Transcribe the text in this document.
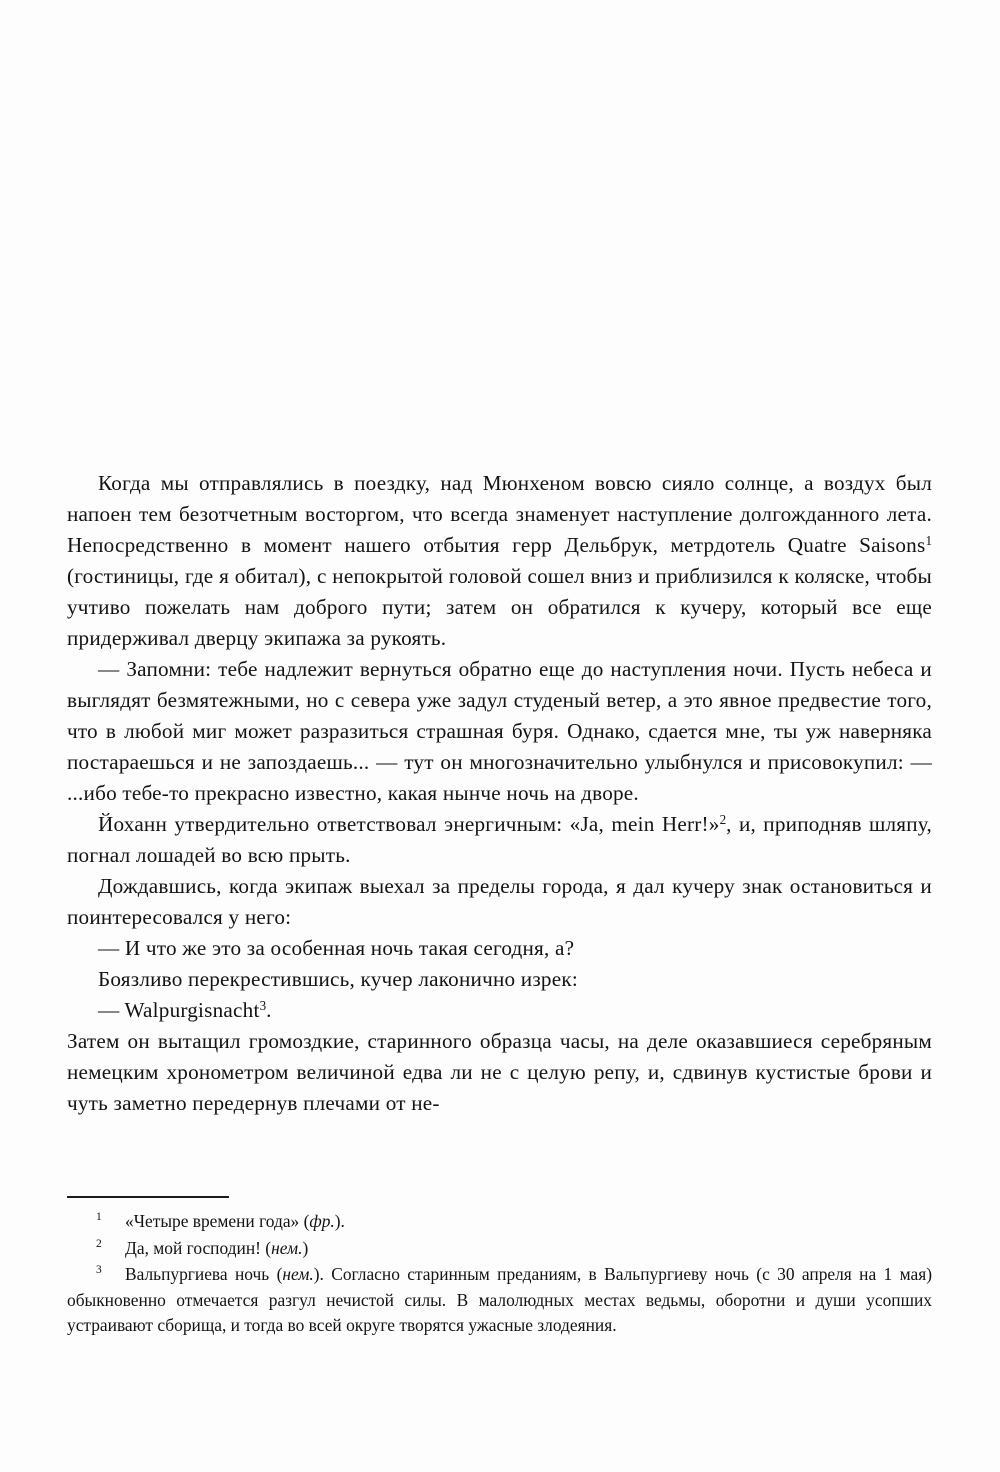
Когда мы отправлялись в поездку, над Мюнхеном вовсю сияло солнце, а воздух был напоен тем безотчетным восторгом, что всегда знаменует наступление долгожданного лета. Непосредственно в момент нашего отбытия герр Дельбрук, метрдотель Quatre Saisons$^1$ (гостиницы, где я обитал), с непокрытой головой сошел вниз и приблизился к коляске, чтобы учтиво пожелать нам доброго пути; затем он обратился к кучеру, который все еще придерживал дверцу экипажа за рукоять.

— Запомни: тебе надлежит вернуться обратно еще до наступления ночи. Пусть небеса и выглядят безмятежными, но с севера уже задул студеный ветер, а это явное предвестие того, что в любой миг может разразиться страшная буря. Однако, сдается мне, ты уж наверняка постараешься и не запоздаешь... — тут он многозначительно улыбнулся и присовокупил: — ...ибо тебе-то прекрасно известно, какая нынче ночь на дворе.

Йоханн утвердительно ответствовал энергичным: «Ja, mein Herr!»$^2$, и, приподняв шляпу, погнал лошадей во всю прыть.

Дождавшись, когда экипаж выехал за пределы города, я дал кучеру знак остановиться и поинтересовался у него:

— И что же это за особенная ночь такая сегодня, а?

Боязливо перекрестившись, кучер лаконично изрек:

— Walpurgisnacht$^3$.

Затем он вытащил громоздкие, старинного образца часы, на деле оказавшиеся серебряным немецким хронометром величиной едва ли не с целую репу, и, сдвинув кустистые брови и чуть заметно передернув плечами от не-

1 «Четыре времени года» (фр.).

2 Да, мой господин! (нем.)

3 Вальпургиева ночь (нем.). Согласно старинным преданиям, в Вальпургиеву ночь (с 30 апреля на 1 мая) обыкновенно отмечается разгул нечистой силы. В малолюдных местах ведьмы, оборотни и души усопших устраивают сборища, и тогда во всей округе творятся ужасные злодеяния.
